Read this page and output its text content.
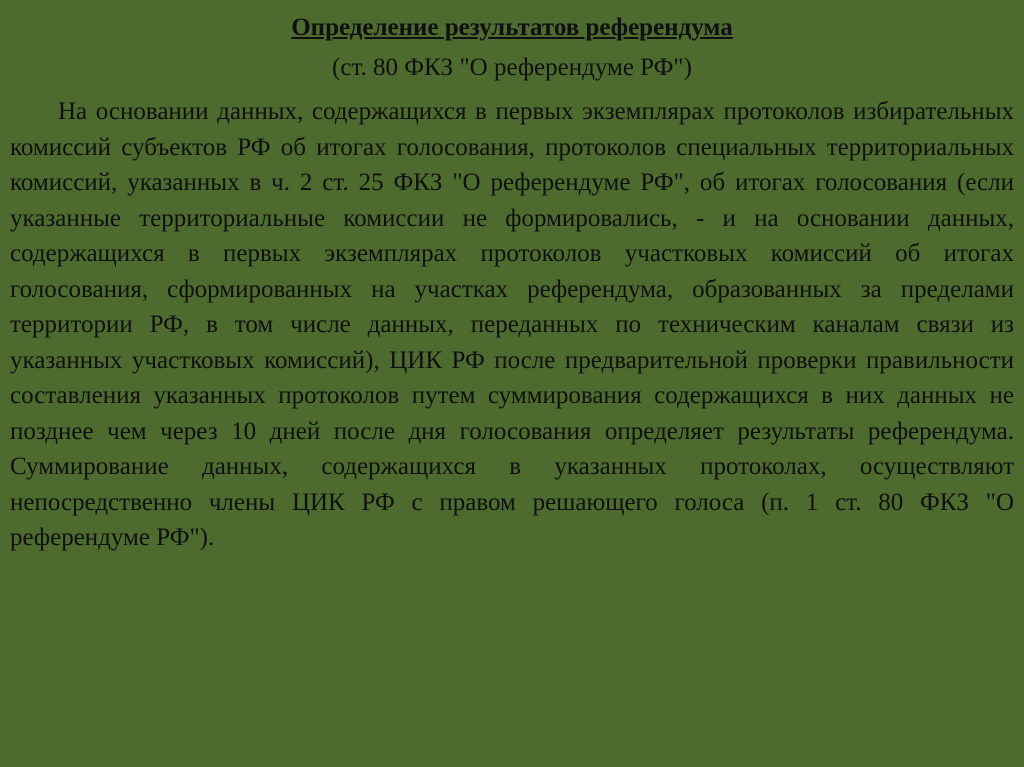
Определение результатов референдума

(ст. 80 ФКЗ "О референдуме РФ")

На основании данных, содержащихся в первых экземплярах протоколов избирательных комиссий субъектов РФ об итогах голосования, протоколов специальных территориальных комиссий, указанных в ч. 2 ст. 25 ФКЗ "О референдуме РФ", об итогах голосования (если указанные территориальные комиссии не формировались, - и на основании данных, содержащихся в первых экземплярах протоколов участковых комиссий об итогах голосования, сформированных на участках референдума, образованных за пределами территории РФ, в том числе данных, переданных по техническим каналам связи из указанных участковых комиссий), ЦИК РФ после предварительной проверки правильности составления указанных протоколов путем суммирования содержащихся в них данных не позднее чем через 10 дней после дня голосования определяет результаты референдума. Суммирование данных, содержащихся в указанных протоколах, осуществляют непосредственно члены ЦИК РФ с правом решающего голоса (п. 1 ст. 80 ФКЗ "О референдуме РФ").
